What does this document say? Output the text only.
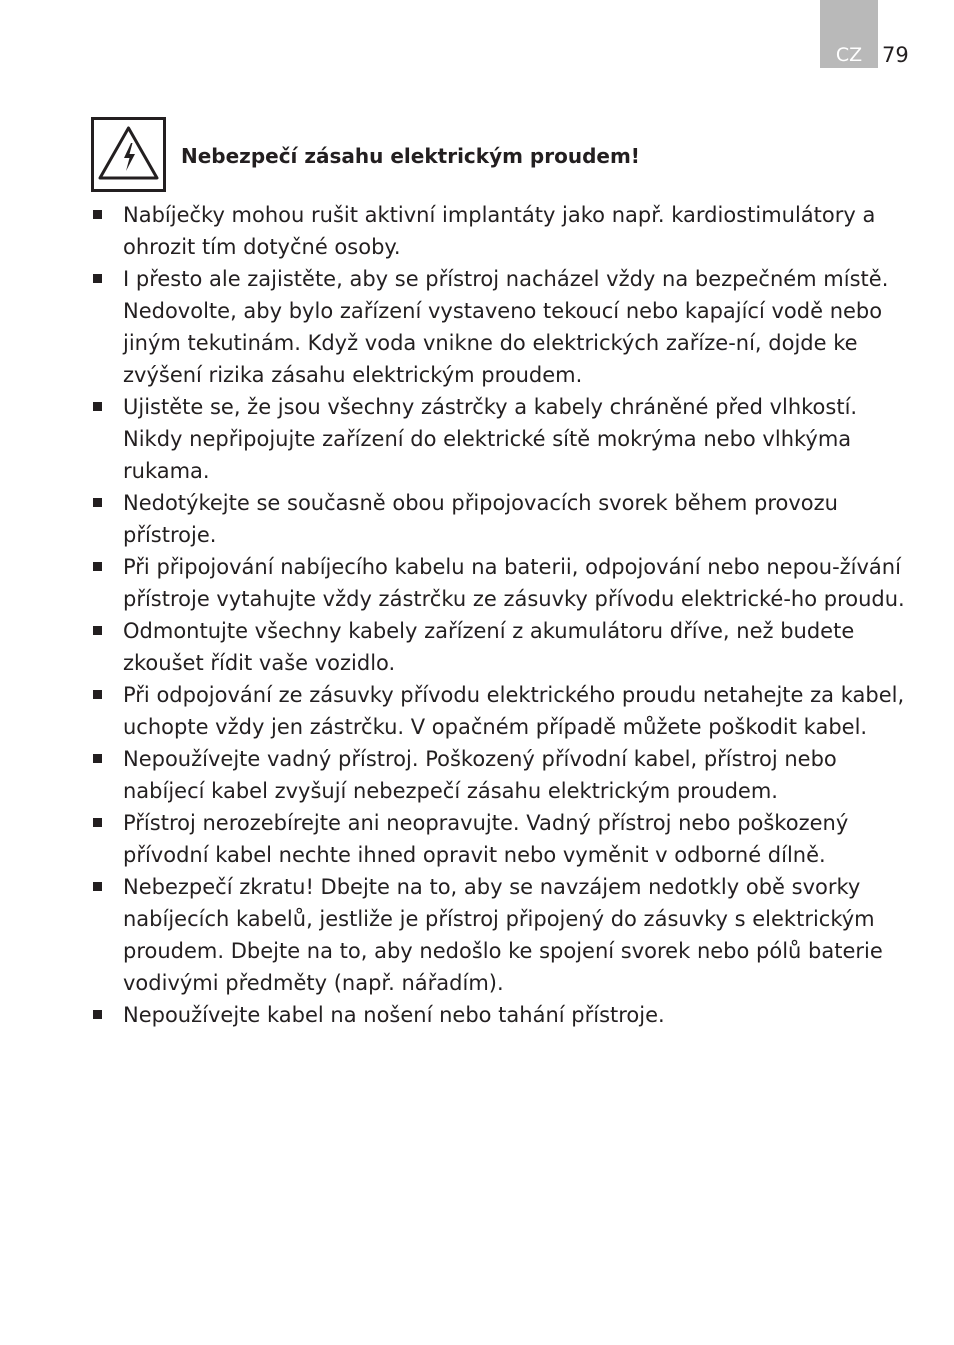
CZ 79
Nebezpečí zásahu elektrickým proudem!
Nabíječky mohou rušit aktivní implantáty jako např. kardiostimulátory a ohrozit tím dotyčné osoby.
I přesto ale zajistěte, aby se přístroj nacházel vždy na bezpečném místě. Nedovolte, aby bylo zařízení vystaveno tekoucí nebo kapající vodě nebo jiným tekutinám. Když voda vnikne do elektrických zaříze-ní, dojde ke zvýšení rizika zásahu elektrickým proudem.
Ujistěte se, že jsou všechny zástrčky a kabely chráněné před vlhkostí. Nikdy nepřipojujte zařízení do elektrické sítě mokrýma nebo vlhkýma rukama.
Nedotýkejte se současně obou připojovacích svorek během provozu přístroje.
Při připojování nabíjecího kabelu na baterii, odpojování nebo nepou-žívání přístroje vytahujte vždy zástrčku ze zásuvky přívodu elektrické-ho proudu.
Odmontujte všechny kabely zařízení z akumulátoru dříve, než budete zkoušet řídit vaše vozidlo.
Při odpojování ze zásuvky přívodu elektrického proudu netahejte za kabel, uchopte vždy jen zástrčku. V opačném případě můžete poškodit kabel.
Nepoužívejte vadný přístroj. Poškozený přívodní kabel, přístroj nebo nabíjecí kabel zvyšují nebezpečí zásahu elektrickým proudem.
Přístroj nerozebírejte ani neopravujte. Vadný přístroj nebo poškozený přívodní kabel nechte ihned opravit nebo vyměnit v odborné dílně.
Nebezpečí zkratu! Dbejte na to, aby se navzájem nedotkly obě svorky nabíjecích kabelů, jestliže je přístroj připojený do zásuvky s elektrickým proudem. Dbejte na to, aby nedošlo ke spojení svorek nebo pólů baterie vodivými předměty (např. nářadím).
Nepoužívejte kabel na nošení nebo tahání přístroje.
